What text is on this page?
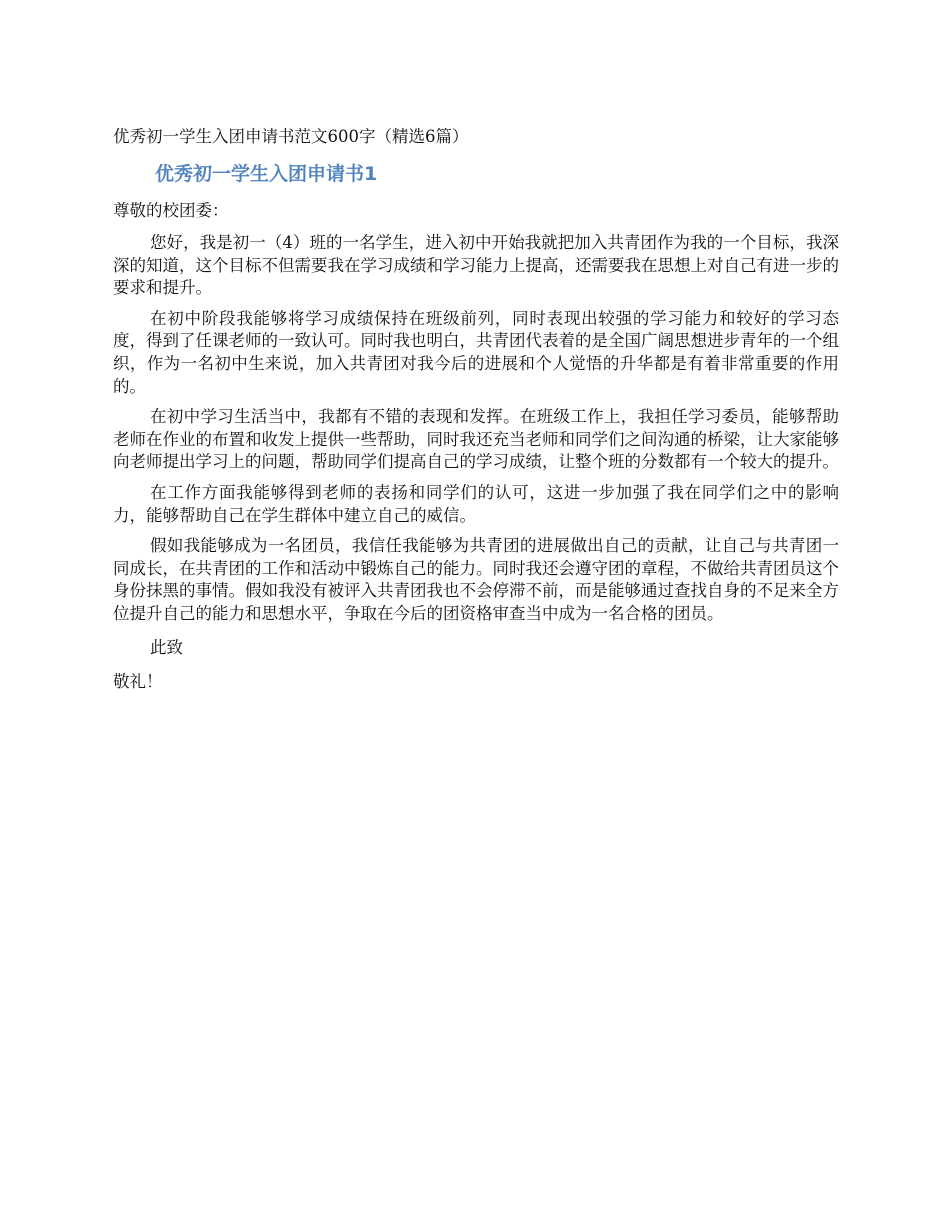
优秀初一学生入团申请书范文600字（精选6篇）

优秀初一学生入团申请书1

尊敬的校团委：

您好，我是初一（4）班的一名学生，进入初中开始我就把加入共青团作为我的一个目标，我深深的知道，这个目标不但需要我在学习成绩和学习能力上提高，还需要我在思想上对自己有进一步的要求和提升。

在初中阶段我能够将学习成绩保持在班级前列，同时表现出较强的学习能力和较好的学习态度，得到了任课老师的一致认可。同时我也明白，共青团代表着的是全国广阔思想进步青年的一个组织，作为一名初中生来说，加入共青团对我今后的进展和个人觉悟的升华都是有着非常重要的作用的。

在初中学习生活当中，我都有不错的表现和发挥。在班级工作上，我担任学习委员，能够帮助老师在作业的布置和收发上提供一些帮助，同时我还充当老师和同学们之间沟通的桥梁，让大家能够向老师提出学习上的问题，帮助同学们提高自己的学习成绩，让整个班的分数都有一个较大的提升。

在工作方面我能够得到老师的表扬和同学们的认可，这进一步加强了我在同学们之中的影响力，能够帮助自己在学生群体中建立自己的威信。

假如我能够成为一名团员，我信任我能够为共青团的进展做出自己的贡献，让自己与共青团一同成长，在共青团的工作和活动中锻炼自己的能力。同时我还会遵守团的章程，不做给共青团员这个身份抹黑的事情。假如我没有被评入共青团我也不会停滞不前，而是能够通过查找自身的不足来全方位提升自己的能力和思想水平，争取在今后的团资格审查当中成为一名合格的团员。

此致

敬礼！
